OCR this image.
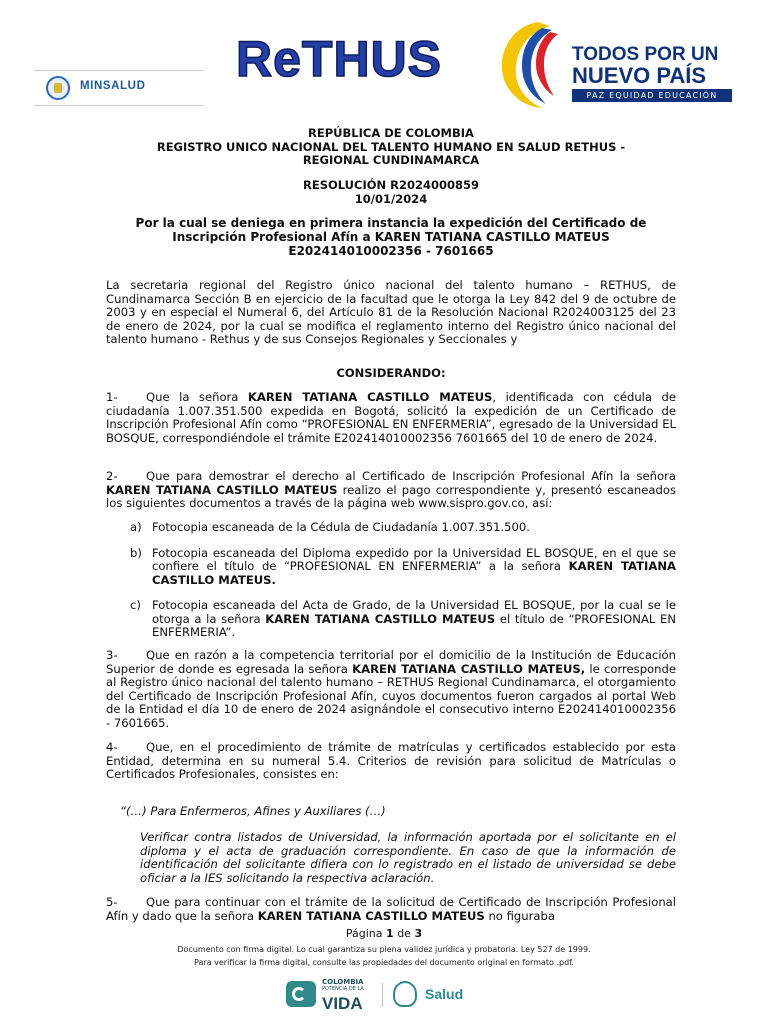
MINSALUD ReTHUS	TODOS POR UN
NUEVO PAÍS
PAZ EQUIDAD EDUCACIÓN
REPÚBLICA DE COLOMBIA
REGISTRO UNICO NACIONAL DEL TALENTO HUMANO EN SALUD RETHUS -
REGIONAL CUNDINAMARCA
RESOLUCIÓN R2024000859
10/01/2024
Por la cual se deniega en primera instancia la expedición del Certificado de
Inscripción Profesional Afín a KAREN TATIANA CASTILLO MATEUS
E202414010002356 - 7601665

La secretaria regional del Registro único nacional del talento humano – RETHUS, de Cundinamarca Sección B en ejercicio de la facultad que le otorga la Ley 842 del 9 de octubre de 2003 y en especial el Numeral 6, del Artículo 81 de la Resolución Nacional R2024003125 del 23 de enero de 2024, por la cual se modifica el reglamento interno del Registro único nacional del talento humano - Rethus y de sus Consejos Regionales y Seccionales y

CONSIDERANDO:

1- Que la señora KAREN TATIANA CASTILLO MATEUS, identificada con cédula de ciudadanía 1.007.351.500 expedida en Bogotá, solicitó la expedición de un Certificado de Inscripción Profesional Afín como “PROFESIONAL EN ENFERMERIA”, egresado de la Universidad EL BOSQUE, correspondiéndole el trámite E202414010002356 7601665 del 10 de enero de 2024.

2- Que para demostrar el derecho al Certificado de Inscripción Profesional Afín la señora KAREN TATIANA CASTILLO MATEUS realizo el pago correspondiente y, presentó escaneados los siguientes documentos a través de la página web www.sispro.gov.co, así:

a) Fotocopia escaneada de la Cédula de Ciudadanía 1.007.351.500.
b) Fotocopia escaneada del Diploma expedido por la Universidad EL BOSQUE, en el que se confiere el título de “PROFESIONAL EN ENFERMERIA” a la señora KAREN TATIANA CASTILLO MATEUS.
c) Fotocopia escaneada del Acta de Grado, de la Universidad EL BOSQUE, por la cual se le otorga a la señora KAREN TATIANA CASTILLO MATEUS el título de “PROFESIONAL EN ENFERMERIA”.

3- Que en razón a la competencia territorial por el domicilio de la Institución de Educación Superior de donde es egresada la señora KAREN TATIANA CASTILLO MATEUS, le corresponde al Registro único nacional del talento humano – RETHUS Regional Cundinamarca, el otorgamiento del Certificado de Inscripción Profesional Afín, cuyos documentos fueron cargados al portal Web de la Entidad el día 10 de enero de 2024 asignándole el consecutivo interno E202414010002356 - 7601665.

4- Que, en el procedimiento de trámite de matrículas y certificados establecido por esta Entidad, determina en su numeral 5.4. Criterios de revisión para solicitud de Matrículas o Certificados Profesionales, consistes en:

“(…) Para Enfermeros, Afines y Auxiliares (…)
Verificar contra listados de Universidad, la información aportada por el solicitante en el diploma y el acta de graduación correspondiente. En caso de que la información de identificación del solicitante difiera con lo registrado en el listado de universidad se debe oficiar a la IES solicitando la respectiva aclaración.

5- Que para continuar con el trámite de la solicitud de Certificado de Inscripción Profesional Afín y dado que la señora KAREN TATIANA CASTILLO MATEUS no figuraba

Página 1 de 3
Documento con firma digital. Lo cual garantiza su plena validez jurídica y probatoria. Ley 527 de 1999.
Para verificar la firma digital, consulte las propiedades del documento original en formato .pdf.
COLOMBIA
POTENCIA DE LA
VIDA	Salud
